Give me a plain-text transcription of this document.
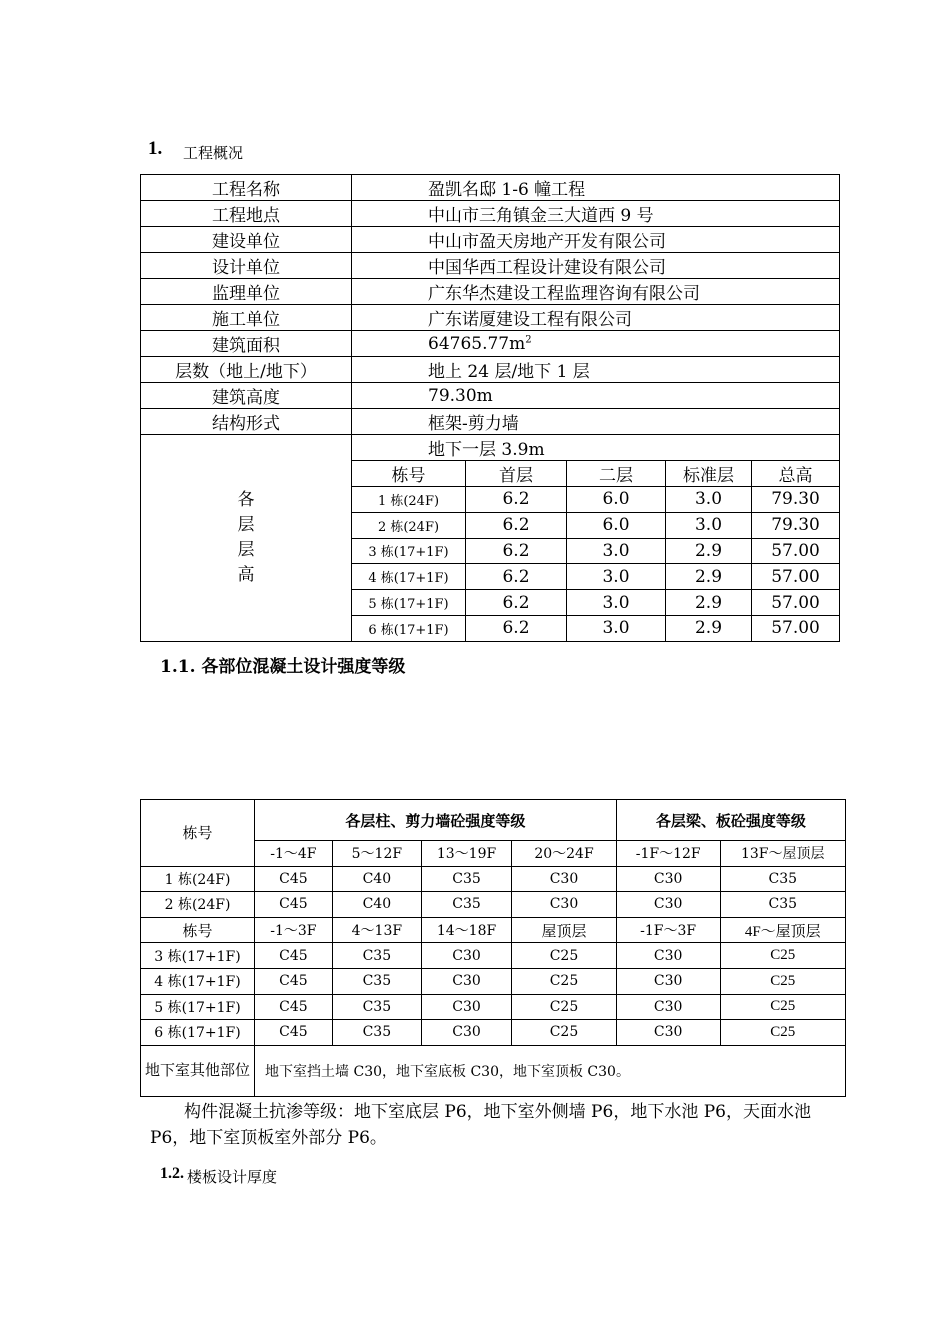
1. 工程概况
工程名称	盈凯名邸 1-6 幢工程				
工程地点	中山市三角镇金三大道西 9 号				
建设单位	中山市盈天房地产开发有限公司				
设计单位	中国华西工程设计建设有限公司				
监理单位	广东华杰建设工程监理咨询有限公司				
施工单位	广东诺厦建设工程有限公司				
建筑面积	$64765.77m^2$
层数（地上/地下）	地上 24 层/地下 1 层				
建筑高度	79.30m				
结构形式	框架-剪力墙				

各
层
层
高	地下一层 3.9m				
	栋号	首层	二层	标准层	总高
	1 栋(24F)	6.2	6.0	3.0	79.30
	2 栋(24F)	6.2	6.0	3.0	79.30
	3 栋(17+1F)	6.2	3.0	2.9	57.00
	4 栋(17+1F)	6.2	3.0	2.9	57.00
	5 栋(17+1F)	6.2	3.0	2.9	57.00
	6 栋(17+1F)	6.2	3.0	2.9	57.00
1.1. 各部位混凝土设计强度等级
栋号	各层柱、剪力墙砼强度等级				各层梁、板砼强度等级	
	-1～4F	5～12F	13～19F	20～24F	-1F～12F	13F～屋顶层
1 栋(24F)	C45	C40	C35	C30	C30	C35
2 栋(24F)	C45	C40	C35	C30	C30	C35
栋号	-1～3F	4～13F	14～18F	屋顶层	-1F～3F	4F～屋顶层
3 栋(17+1F)	C45	C35	C30	C25	C30	C25
4 栋(17+1F)	C45	C35	C30	C25	C30	C25
5 栋(17+1F)	C45	C35	C30	C25	C30	C25
6 栋(17+1F)	C45	C35	C30	C25	C30	C25
地下室其他部位	地下室挡土墙 C30，地下室底板 C30，地下室顶板 C30。					
构件混凝土抗渗等级：地下室底层 P6，地下室外侧墙 P6，地下水池 P6，天面水池 P6，地下室顶板室外部分 P6。
1.2. 楼板设计厚度
